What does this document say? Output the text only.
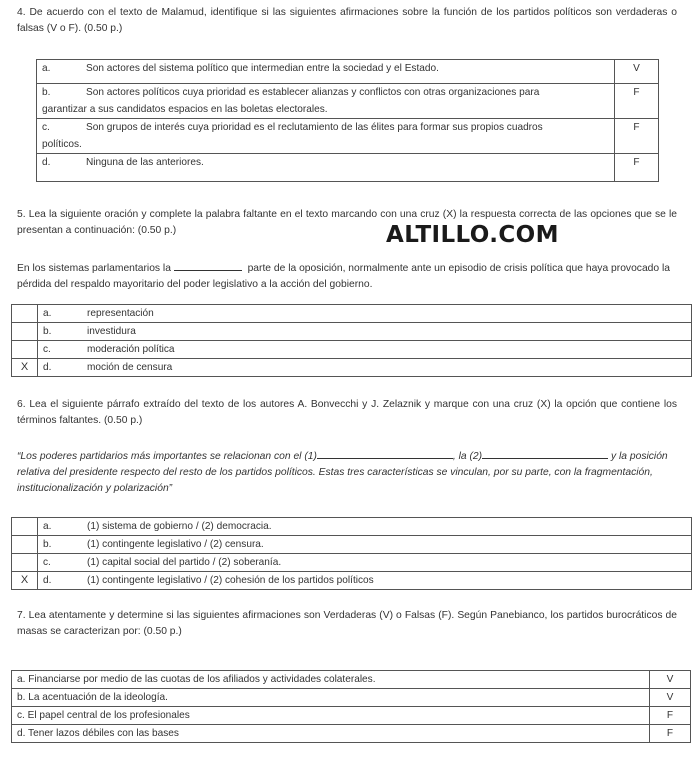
4. De acuerdo con el texto de Malamud, identifique si las siguientes afirmaciones sobre la función de los partidos políticos son verdaderas o falsas (V o F). (0.50 p.)

a. Son actores del sistema político que intermedian entre la sociedad y el Estado.	V
b. Son actores políticos cuya prioridad es establecer alianzas y conflictos con otras organizaciones para
garantizar a sus candidatos espacios en las boletas electorales.	F
c. Son grupos de interés cuya prioridad es el reclutamiento de las élites para formar sus propios cuadros
políticos.	F
d. Ninguna de las anteriores.	F

5. Lea la siguiente oración y complete la palabra faltante en el texto marcando con una cruz (X) la respuesta correcta de las opciones que se le presentan a continuación: (0.50 p.)	ALTILLO.COM

En los sistemas parlamentarios la	parte de la oposición, normalmente ante un episodio de crisis política que haya provocado la pérdida del respaldo mayoritario del poder legislativo a la acción del gobierno.

	a. representación
	b. investidura
	c. moderación política
X	d. moción de censura

6. Lea el siguiente párrafo extraído del texto de los autores A. Bonvecchi y J. Zelaznik y marque con una cruz (X) la opción que contiene los términos faltantes. (0.50 p.)

“Los poderes partidarios más importantes se relacionan con el (1)	, la (2)	y la posición relativa del presidente respecto del resto de los partidos políticos. Estas tres características se vinculan, por su parte, con la fragmentación, institucionalización y polarización”

	a. (1) sistema de gobierno / (2) democracia.
	b. (1) contingente legislativo / (2) censura.
	c. (1) capital social del partido / (2) soberanía.
X	d. (1) contingente legislativo / (2) cohesión de los partidos políticos

7. Lea atentamente y determine si las siguientes afirmaciones son Verdaderas (V) o Falsas (F). Según Panebianco, los partidos burocráticos de masas se caracterizan por: (0.50 p.)

a. Financiarse por medio de las cuotas de los afiliados y actividades colaterales.	V
b. La acentuación de la ideología.	V
c. El papel central de los profesionales	F
d. Tener lazos débiles con las bases	F
